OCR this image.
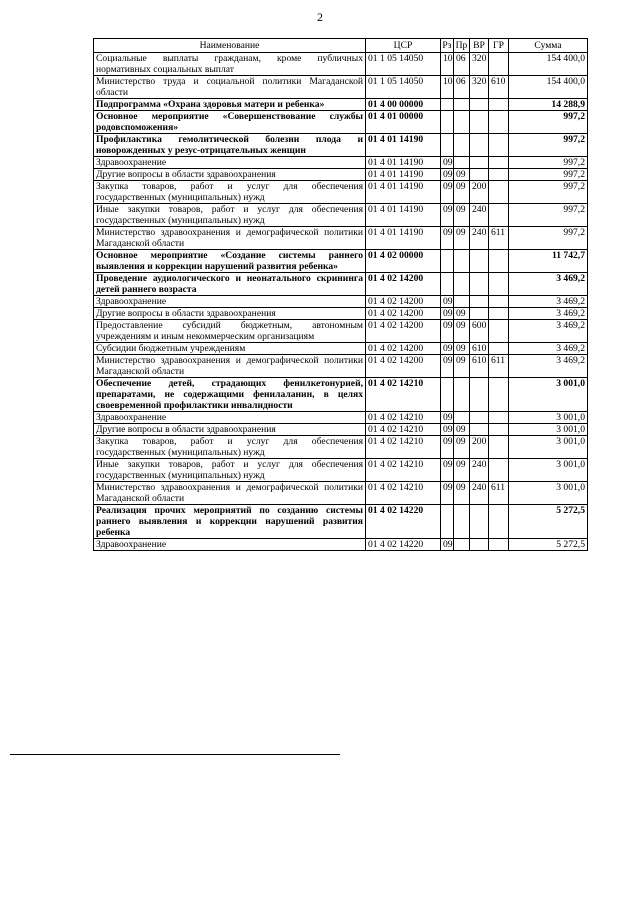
2
Наименование	ЦСР	Рз	Пр	ВР	ГР	Сумма
Социальные выплаты гражданам, кроме публичных нормативных социальных выплат	01 1 05 14050	10	06	320		154 400,0
Министерство труда и социальной политики Магаданской области	01 1 05 14050	10	06	320	610	154 400,0
Подпрограмма «Охрана здоровья матери и ребенка»	01 4 00 00000					14 288,9
Основное мероприятие «Совершенствование службы родовспоможения»	01 4 01 00000					997,2
Профилактика гемолитической болезни плода и новорожденных у резус-отрицательных женщин	01 4 01 14190					997,2
Здравоохранение	01 4 01 14190	09				997,2
Другие вопросы в области здравоохранения	01 4 01 14190	09	09			997,2
Закупка товаров, работ и услуг для обеспечения государственных (муниципальных) нужд	01 4 01 14190	09	09	200		997,2
Иные закупки товаров, работ и услуг для обеспечения государственных (муниципальных) нужд	01 4 01 14190	09	09	240		997,2
Министерство здравоохранения и демографической политики Магаданской области	01 4 01 14190	09	09	240	611	997,2
Основное мероприятие «Создание системы раннего выявления и коррекции нарушений развития ребенка»	01 4 02 00000					11 742,7
Проведение аудиологического и неонатального скрининга детей раннего возраста	01 4 02 14200					3 469,2
Здравоохранение	01 4 02 14200	09				3 469,2
Другие вопросы в области здравоохранения	01 4 02 14200	09	09			3 469,2
Предоставление субсидий бюджетным, автономным учреждениям и иным некоммерческим организациям	01 4 02 14200	09	09	600		3 469,2
Субсидии бюджетным учреждениям	01 4 02 14200	09	09	610		3 469,2
Министерство здравоохранения и демографической политики Магаданской области	01 4 02 14200	09	09	610	611	3 469,2
Обеспечение детей, страдающих фенилкетонурией, препаратами, не содержащими фенилаланин, в целях своевременной профилактики инвалидности	01 4 02 14210					3 001,0
Здравоохранение	01 4 02 14210	09				3 001,0
Другие вопросы в области здравоохранения	01 4 02 14210	09	09			3 001,0
Закупка товаров, работ и услуг для обеспечения государственных (муниципальных) нужд	01 4 02 14210	09	09	200		3 001,0
Иные закупки товаров, работ и услуг для обеспечения государственных (муниципальных) нужд	01 4 02 14210	09	09	240		3 001,0
Министерство здравоохранения и демографической политики Магаданской области	01 4 02 14210	09	09	240	611	3 001,0
Реализация прочих мероприятий по созданию системы раннего выявления и коррекции нарушений развития ребенка	01 4 02 14220					5 272,5
Здравоохранение	01 4 02 14220	09				5 272,5
